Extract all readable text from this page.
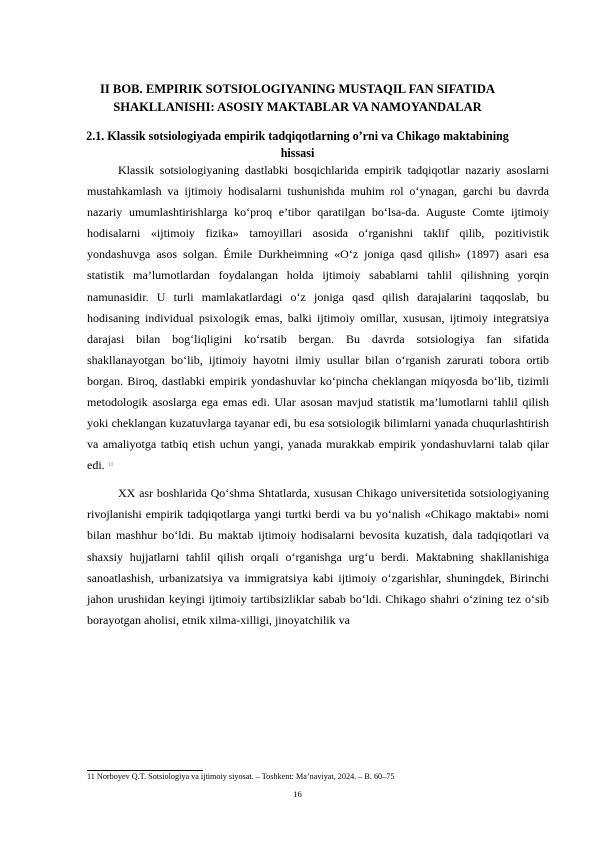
II BOB. EMPIRIK SOTSIOLOGIYANING MUSTAQIL FAN SIFATIDA SHAKLLANISHI: ASOSIY MAKTABLAR VA NAMOYANDALAR
2.1. Klassik sotsiologiyada empirik tadqiqotlarning o’rni va Chikago maktabining hissasi

Klassik sotsiologiyaning dastlabki bosqichlarida empirik tadqiqotlar nazariy asoslarni mustahkamlash va ijtimoiy hodisalarni tushunishda muhim rol o‘ynagan, garchi bu davrda nazariy umumlashtirishlarga ko‘proq e’tibor qaratilgan bo‘lsa-da. Auguste Comte ijtimoiy hodisalarni «ijtimoiy fizika» tamoyillari asosida o‘rganishni taklif qilib, pozitivistik yondashuvga asos solgan. Émile Durkheimning «O‘z joniga qasd qilish» (1897) asari esa statistik ma’lumotlardan foydalangan holda ijtimoiy sabablarni tahlil qilishning yorqin namunasidir. U turli mamlakatlardagi o‘z joniga qasd qilish darajalarini taqqoslab, bu hodisaning individual psixologik emas, balki ijtimoiy omillar, xususan, ijtimoiy integratsiya darajasi bilan bog‘liqligini ko‘rsatib bergan. Bu davrda sotsiologiya fan sifatida shakllanayotgan bo‘lib, ijtimoiy hayotni ilmiy usullar bilan o‘rganish zarurati tobora ortib borgan. Biroq, dastlabki empirik yondashuvlar ko‘pincha cheklangan miqyosda bo‘lib, tizimli metodologik asoslarga ega emas edi. Ular asosan mavjud statistik ma’lumotlarni tahlil qilish yoki cheklangan kuzatuvlarga tayanar edi, bu esa sotsiologik bilimlarni yanada chuqurlashtirish va amaliyotga tatbiq etish uchun yangi, yanada murakkab empirik yondashuvlarni talab qilar edi. $^{11}$

XX asr boshlarida Qo‘shma Shtatlarda, xususan Chikago universitetida sotsiologiyaning rivojlanishi empirik tadqiqotlarga yangi turtki berdi va bu yo‘nalish «Chikago maktabi» nomi bilan mashhur bo‘ldi. Bu maktab ijtimoiy hodisalarni bevosita kuzatish, dala tadqiqotlari va shaxsiy hujjatlarni tahlil qilish orqali o‘rganishga urg‘u berdi. Maktabning shakllanishiga sanoatlashish, urbanizatsiya va immigratsiya kabi ijtimoiy o‘zgarishlar, shuningdek, Birinchi jahon urushidan keyingi ijtimoiy tartibsizliklar sabab bo‘ldi. Chikago shahri o‘zining tez o‘sib borayotgan aholisi, etnik xilma-xilligi, jinoyatchilik va

11 Norboyev Q.T. Sotsiologiya va ijtimoiy siyosat. – Toshkent: Ma’naviyat, 2024. – B. 60–75
16
